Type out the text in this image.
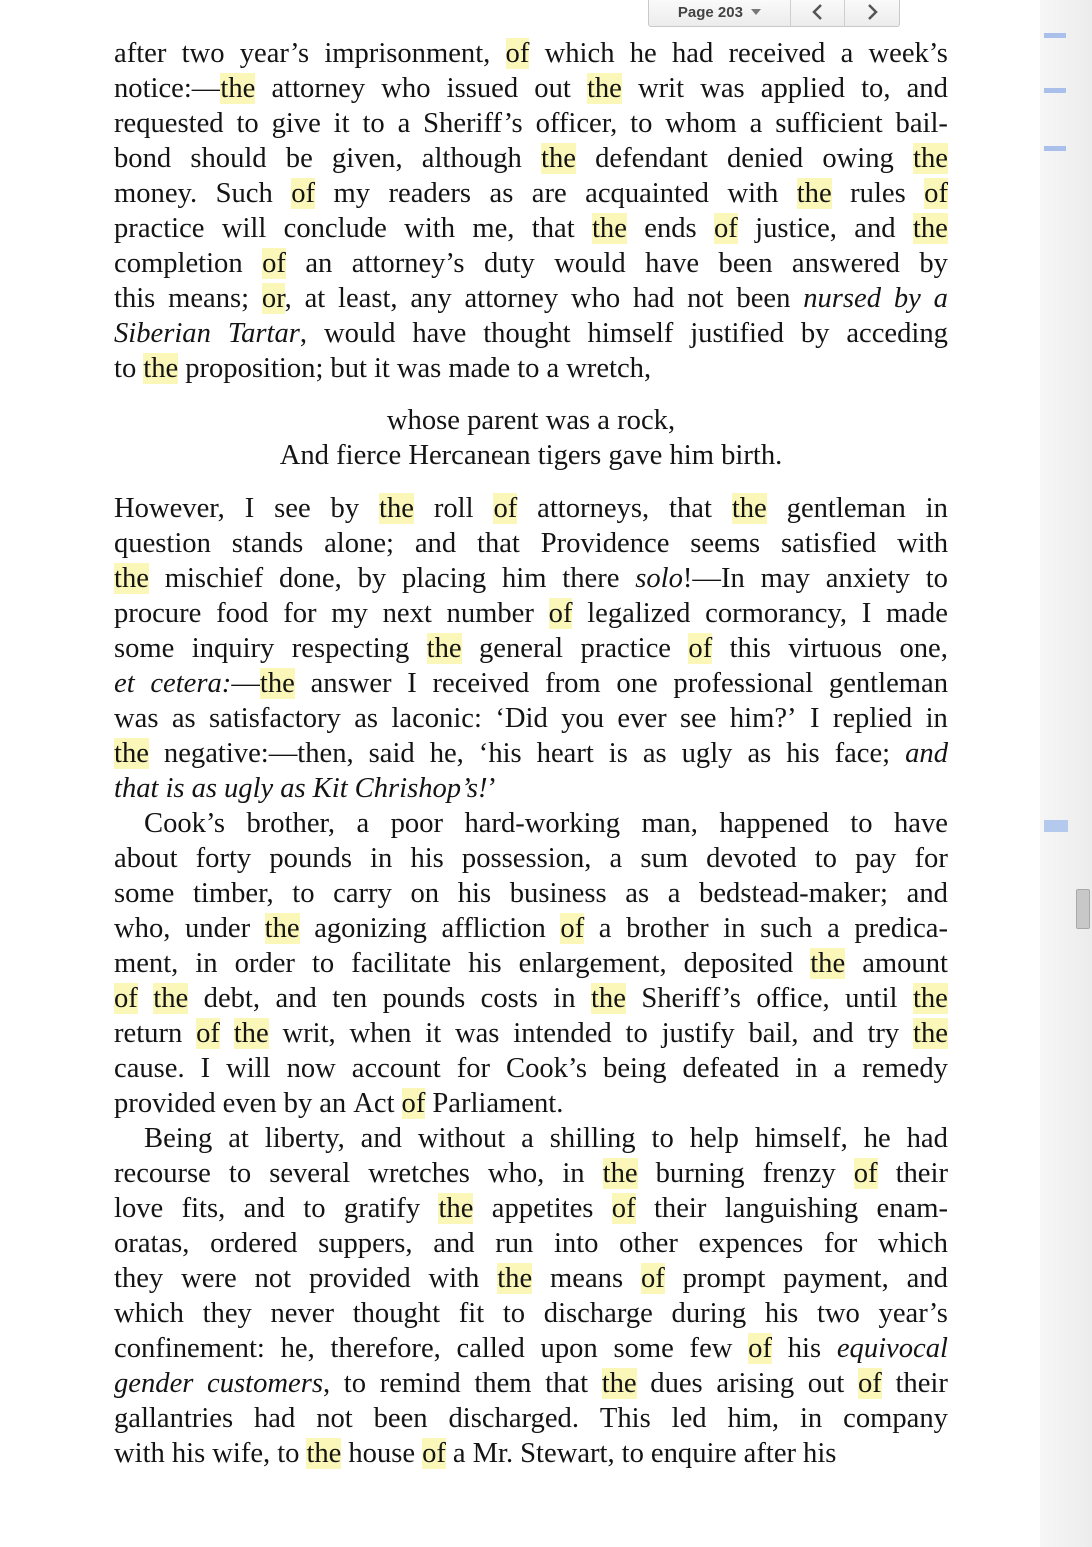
Page 203
after two year’s imprisonment, of which he had received a week’s
notice:—the attorney who issued out the writ was applied to, and
requested to give it to a Sheriff’s officer, to whom a sufficient bail-
bond should be given, although the defendant denied owing the
money. Such of my readers as are acquainted with the rules of
practice will conclude with me, that the ends of justice, and the
completion of an attorney’s duty would have been answered by
this means; or, at least, any attorney who had not been nursed by a
Siberian Tartar, would have thought himself justified by acceding
to the proposition; but it was made to a wretch,
whose parent was a rock,
And fierce Hercanean tigers gave him birth.
However, I see by the roll of attorneys, that the gentleman in
question stands alone; and that Providence seems satisfied with
the mischief done, by placing him there solo!—In may anxiety to
procure food for my next number of legalized cormorancy, I made
some inquiry respecting the general practice of this virtuous one,
et cetera:—the answer I received from one professional gentleman
was as satisfactory as laconic: ‘Did you ever see him?’ I replied in
the negative:—then, said he, ‘his heart is as ugly as his face; and
that is as ugly as Kit Chrishop’s!’
Cook’s brother, a poor hard-working man, happened to have
about forty pounds in his possession, a sum devoted to pay for
some timber, to carry on his business as a bedstead-maker; and
who, under the agonizing affliction of a brother in such a predica-
ment, in order to facilitate his enlargement, deposited the amount
of the debt, and ten pounds costs in the Sheriff’s office, until the
return of the writ, when it was intended to justify bail, and try the
cause. I will now account for Cook’s being defeated in a remedy
provided even by an Act of Parliament.
Being at liberty, and without a shilling to help himself, he had
recourse to several wretches who, in the burning frenzy of their
love fits, and to gratify the appetites of their languishing enam-
oratas, ordered suppers, and run into other expences for which
they were not provided with the means of prompt payment, and
which they never thought fit to discharge during his two year’s
confinement: he, therefore, called upon some few of his equivocal
gender customers, to remind them that the dues arising out of their
gallantries had not been discharged. This led him, in company
with his wife, to the house of a Mr. Stewart, to enquire after his
